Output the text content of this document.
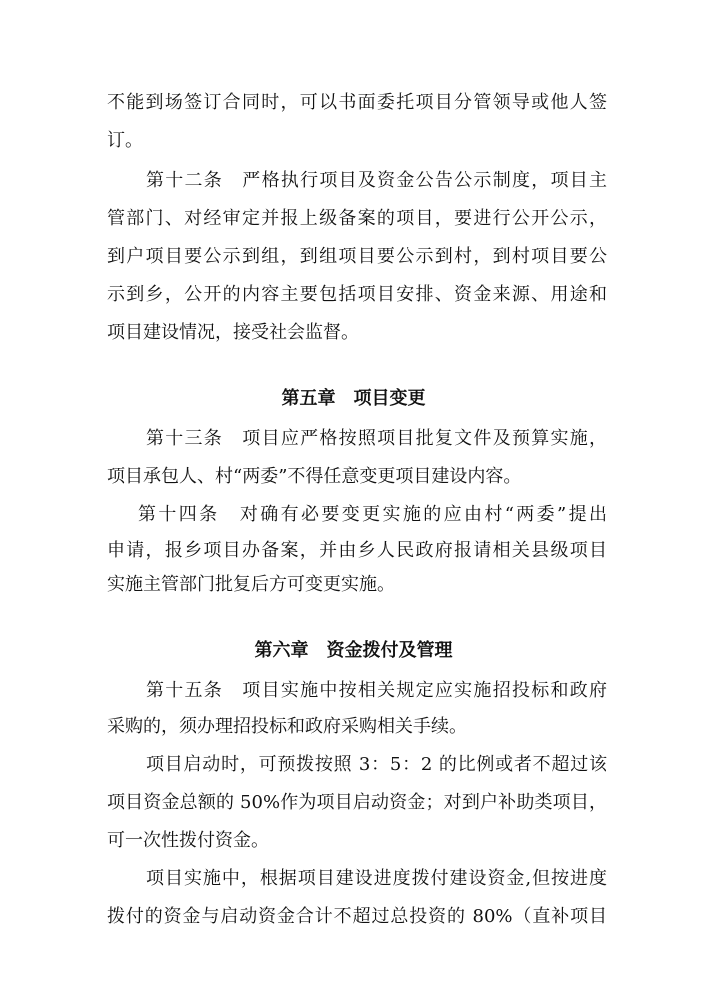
不能到场签订合同时，可以书面委托项目分管领导或他人签
订。
第十二条　严格执行项目及资金公告公示制度，项目主
管部门、对经审定并报上级备案的项目，要进行公开公示，
到户项目要公示到组，到组项目要公示到村，到村项目要公
示到乡，公开的内容主要包括项目安排、资金来源、用途和
项目建设情况，接受社会监督。
第五章　项目变更
第十三条　项目应严格按照项目批复文件及预算实施，
项目承包人、村“两委”不得任意变更项目建设内容。
第十四条　对确有必要变更实施的应由村“两委”提出
申请，报乡项目办备案，并由乡人民政府报请相关县级项目
实施主管部门批复后方可变更实施。
第六章　资金拨付及管理
第十五条　项目实施中按相关规定应实施招投标和政府
采购的，须办理招投标和政府采购相关手续。
项目启动时，可预拨按照 3：5：2 的比例或者不超过该
项目资金总额的 50%作为项目启动资金；对到户补助类项目，
可一次性拨付资金。
项目实施中，根据项目建设进度拨付建设资金,但按进度
拨付的资金与启动资金合计不超过总投资的 80%（直补项目
